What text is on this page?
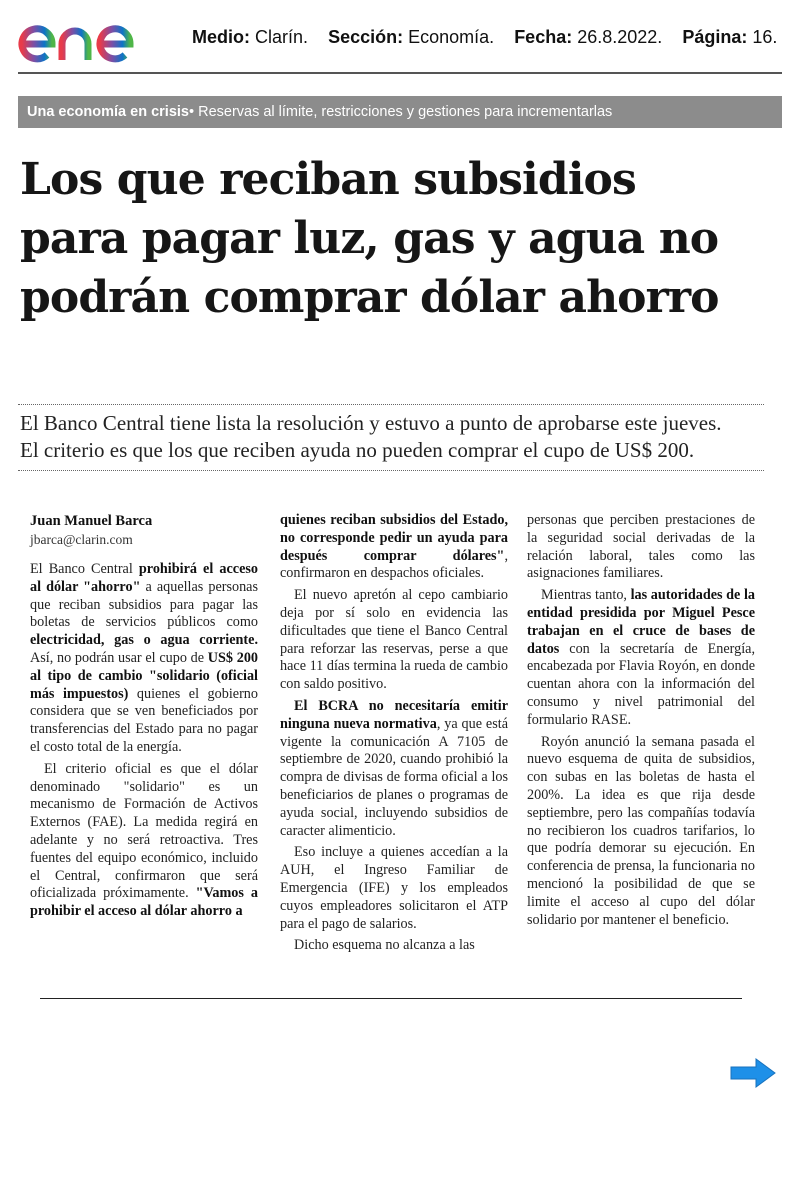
Medio: Clarín. Sección: Economía. Fecha: 26.8.2022. Página: 16.
Una economía en crisis• Reservas al límite, restricciones y gestiones para incrementarlas
Los que reciban subsidios
para pagar luz, gas y agua no
podrán comprar dólar ahorro
El Banco Central tiene lista la resolución y estuvo a punto de aprobarse este jueves.
El criterio es que los que reciben ayuda no pueden comprar el cupo de US$ 200.
Juan Manuel Barca
jbarca@clarin.com

El Banco Central prohibirá el acceso al dólar "ahorro" a aquellas personas que reciban subsidios para pagar las boletas de servicios públicos como electricidad, gas o agua corriente. Así, no podrán usar el cupo de US$ 200 al tipo de cambio "solidario (oficial más impuestos) quienes el gobierno considera que se ven beneficiados por transferencias del Estado para no pagar el costo total de la energía.

El criterio oficial es que el dólar denominado "solidario" es un mecanismo de Formación de Activos Externos (FAE). La medida regirá en adelante y no será retroactiva. Tres fuentes del equipo económico, incluido el Central, confirmaron que será oficializada próximamente. "Vamos a prohibir el acceso al dólar ahorro a

quienes reciban subsidios del Estado, no corresponde pedir un ayuda para después comprar dólares", confirmaron en despachos oficiales.

El nuevo apretón al cepo cambiario deja por sí solo en evidencia las dificultades que tiene el Banco Central para reforzar las reservas, perse a que hace 11 días termina la rueda de cambio con saldo positivo.

El BCRA no necesitaría emitir ninguna nueva normativa, ya que está vigente la comunicación A 7105 de septiembre de 2020, cuando prohibió la compra de divisas de forma oficial a los beneficiarios de planes o programas de ayuda social, incluyendo subsidios de caracter alimenticio.

Eso incluye a quienes accedían a la AUH, el Ingreso Familiar de Emergencia (IFE) y los empleados cuyos empleadores solicitaron el ATP para el pago de salarios.

Dicho esquema no alcanza a las

personas que perciben prestaciones de la seguridad social derivadas de la relación laboral, tales como las asignaciones familiares.

Mientras tanto, las autoridades de la entidad presidida por Miguel Pesce trabajan en el cruce de bases de datos con la secretaría de Energía, encabezada por Flavia Royón, en donde cuentan ahora con la información del consumo y nivel patrimonial del formulario RASE.

Royón anunció la semana pasada el nuevo esquema de quita de subsidios, con subas en las boletas de hasta el 200%. La idea es que rija desde septiembre, pero las compañías todavía no recibieron los cuadros tarifarios, lo que podría demorar su ejecución. En conferencia de prensa, la funcionaria no mencionó la posibilidad de que se limite el acceso al cupo del dólar solidario por mantener el beneficio.
